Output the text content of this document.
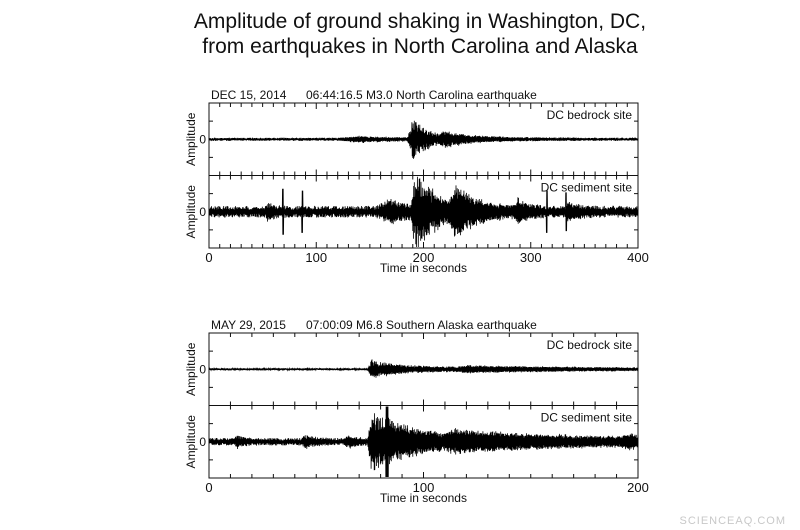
Amplitude of ground shaking in Washington, DC,
from earthquakes in North Carolina and Alaska
DEC 15, 2014 06:44:16.5 M3.0 North Carolina earthquake
0
Amplitude	DC bedrock site
0
Amplitude	DC sediment site
0	100	200	300	400
Time in seconds
MAY 29, 2015 07:00:09 M6.8 Southern Alaska earthquake
0
Amplitude	DC bedrock site
0
Amplitude	DC sediment site
0	100	200
Time in seconds
SCIENCEAQ.COM
